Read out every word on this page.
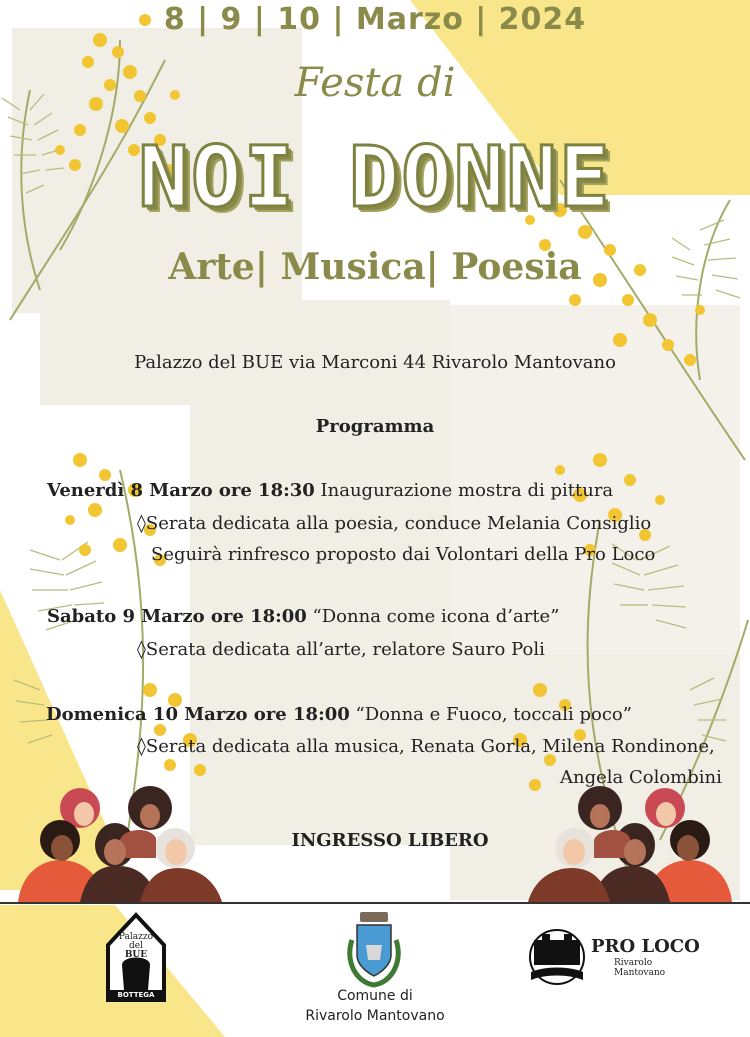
8 | 9 | 10 | Marzo | 2024
Festa di
NOI DONNE
Arte| Musica| Poesia
Palazzo del BUE via Marconi 44 Rivarolo Mantovano
Programma
Venerdì 8 Marzo ore 18:30 Inaugurazione mostra di pittura
◊Serata dedicata alla poesia, conduce Melania Consiglio
Seguirà rinfresco proposto dai Volontari della Pro Loco
Sabato 9 Marzo ore 18:00 “Donna come icona d’arte”
◊Serata dedicata all’arte, relatore Sauro Poli
Domenica 10 Marzo ore 18:00 “Donna e Fuoco, toccali poco”
◊Serata dedicata alla musica, Renata Gorla, Milena Rondinone,
Angela Colombini
INGRESSO LIBERO
Palazzo
del
BUE
BOTTEGA	Comune di
Rivarolo Mantovano
PRO LOCO
Rivarolo
Mantovano
